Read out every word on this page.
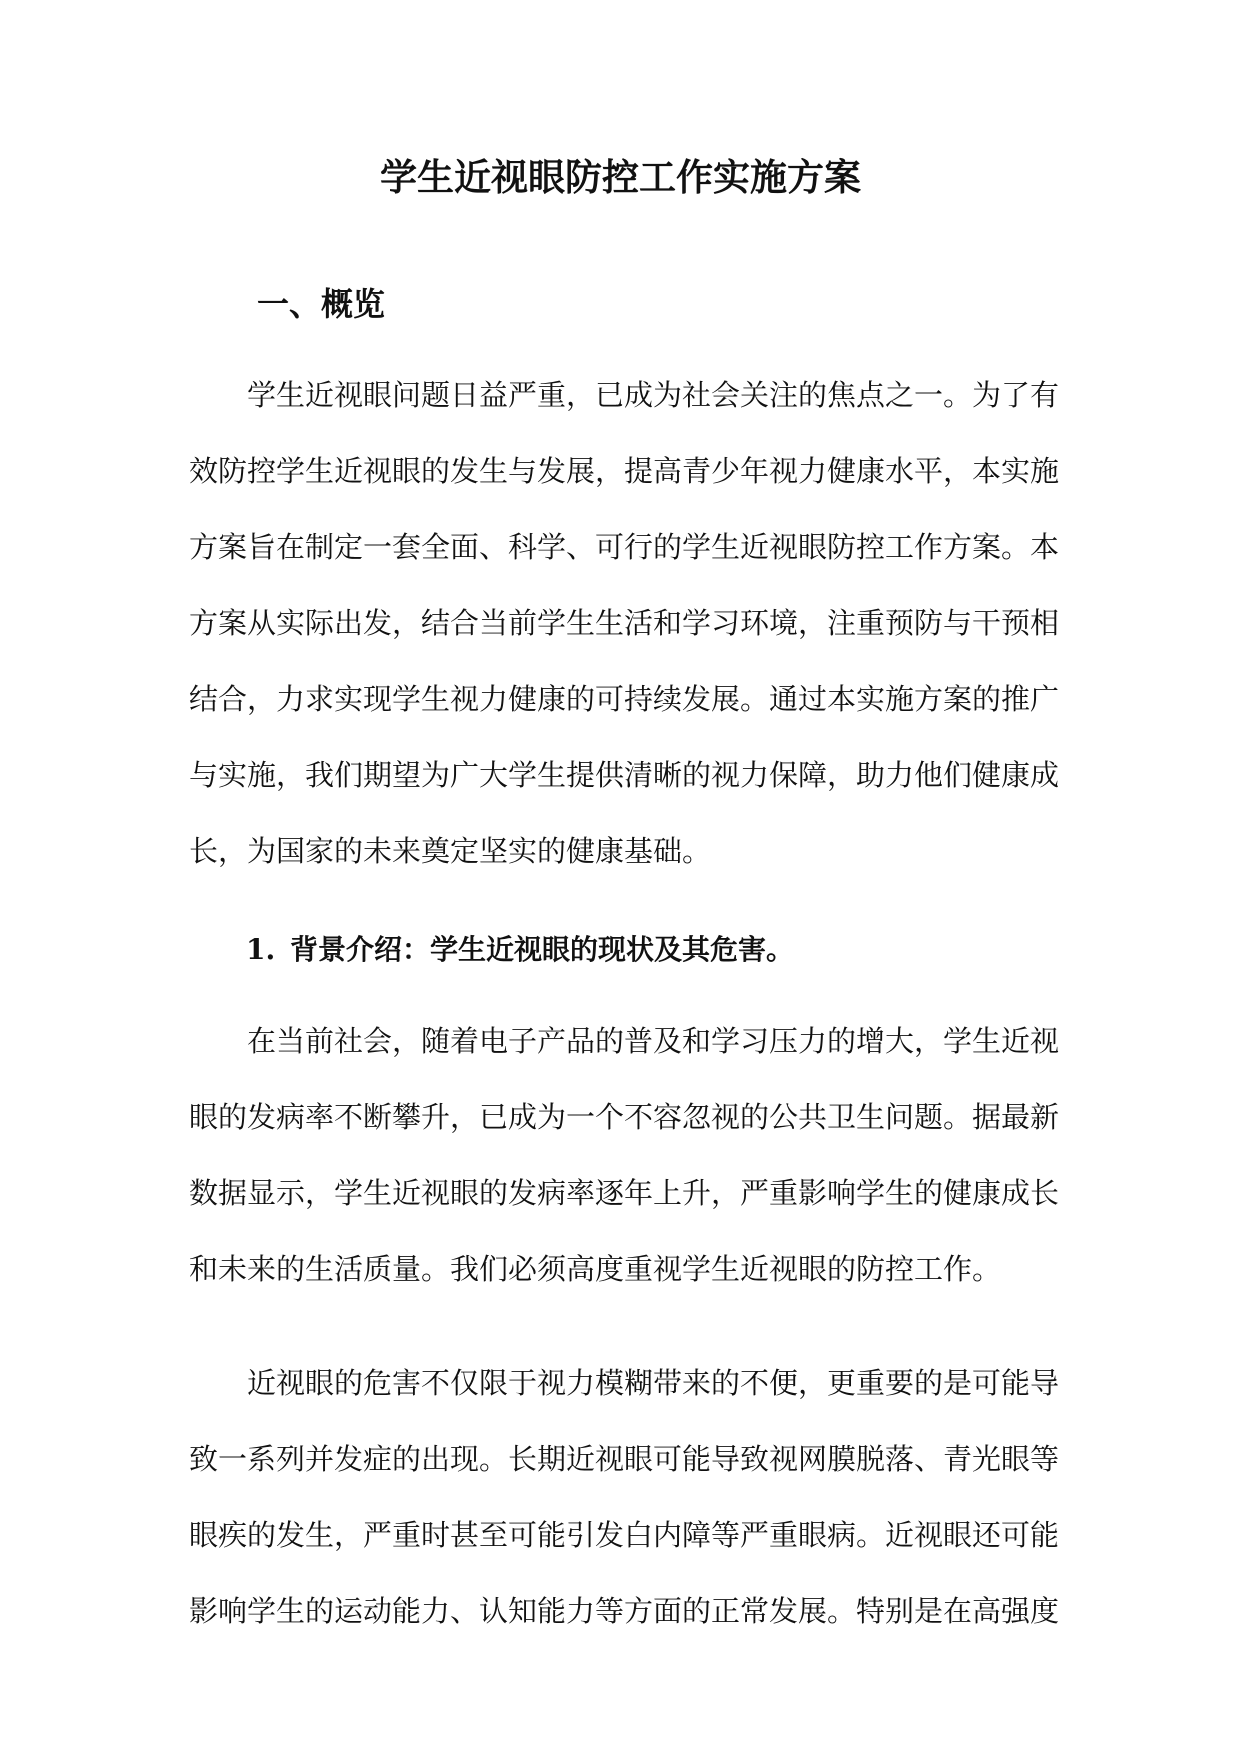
学生近视眼防控工作实施方案
一、概览

学生近视眼问题日益严重，已成为社会关注的焦点之一。为了有效防控学生近视眼的发生与发展，提高青少年视力健康水平，本实施方案旨在制定一套全面、科学、可行的学生近视眼防控工作方案。本方案从实际出发，结合当前学生生活和学习环境，注重预防与干预相结合，力求实现学生视力健康的可持续发展。通过本实施方案的推广与实施，我们期望为广大学生提供清晰的视力保障，助力他们健康成长，为国家的未来奠定坚实的健康基础。

1. 背景介绍：学生近视眼的现状及其危害。

在当前社会，随着电子产品的普及和学习压力的增大，学生近视眼的发病率不断攀升，已成为一个不容忽视的公共卫生问题。据最新数据显示，学生近视眼的发病率逐年上升，严重影响学生的健康成长和未来的生活质量。我们必须高度重视学生近视眼的防控工作。

近视眼的危害不仅限于视力模糊带来的不便，更重要的是可能导致一系列并发症的出现。长期近视眼可能导致视网膜脱落、青光眼等眼疾的发生，严重时甚至可能引发白内障等严重眼病。近视眼还可能影响学生的运动能力、认知能力等方面的正常发展。特别是在高强度
